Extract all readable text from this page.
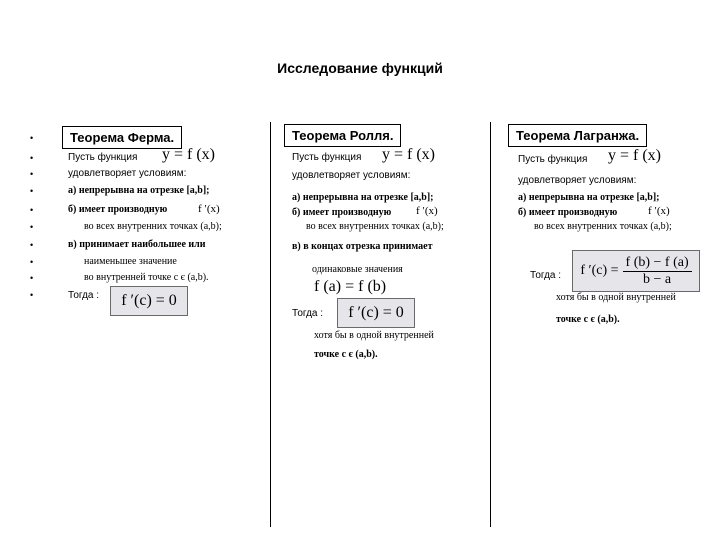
Исследование функций
•
•
•
•
•
•
•
•
•
•
Теорема Ферма.
Пусть функция y = f (x)
удовлетворяет условиям:
а) непрерывна на отрезке [a,b];
б) имеет производную	f ′(x)
во всех внутренних точках (a,b);
в) принимает наибольшее или
наименьшее значение
во внутренней точке c є (a,b).
Тогда : f ′(c) = 0
Теорема Ролля.
Пусть функция y = f (x)
удовлетворяет условиям:
а) непрерывна на отрезке [a,b];
б) имеет производную f ′(x)
во всех внутренних точках (a,b);
в) в концах отрезка принимает
одинаковые значения
f (a) = f (b)
Тогда : f ′(c) = 0
хотя бы в одной внутренней
точке c є (a,b).
Теорема Лагранжа.
Пусть функция y = f (x)
удовлетворяет условиям:
а) непрерывна на отрезке [a,b];
б) имеет производную	f ′(x)
во всех внутренних точках (a,b);
Тогда : f $'(c) = \frac{f (b) - f (a)}{b - a}$
хотя бы в одной внутренней
точке c є (a,b).
